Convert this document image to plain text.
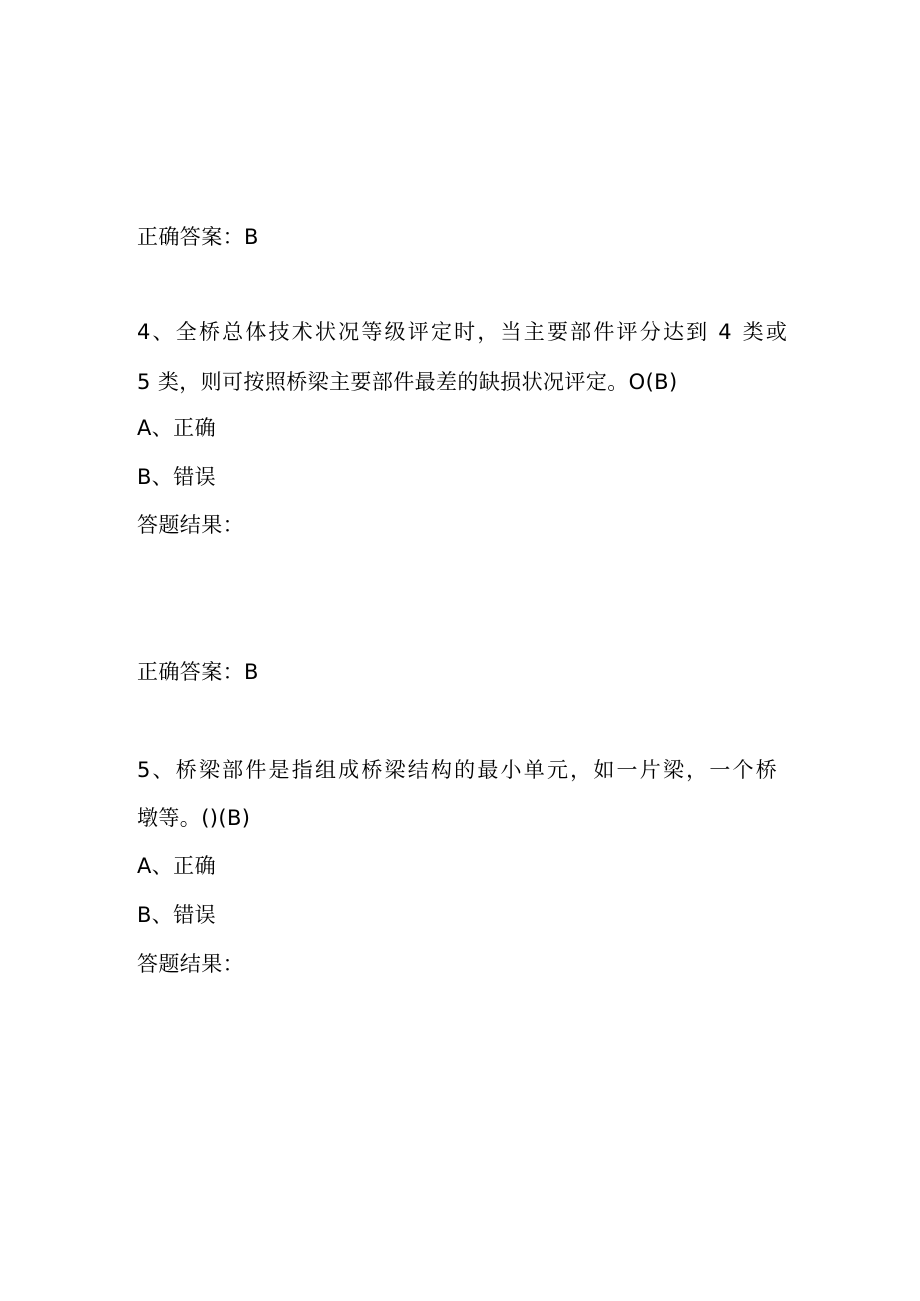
正确答案：B
4、全桥总体技术状况等级评定时，当主要部件评分达到 4 类或
5 类，则可按照桥梁主要部件最差的缺损状况评定。O(B)
A、正确
B、错误
答题结果：
正确答案：B
5、桥梁部件是指组成桥梁结构的最小单元，如一片梁，一个桥
墩等。()(B)
A、正确
B、错误
答题结果：
